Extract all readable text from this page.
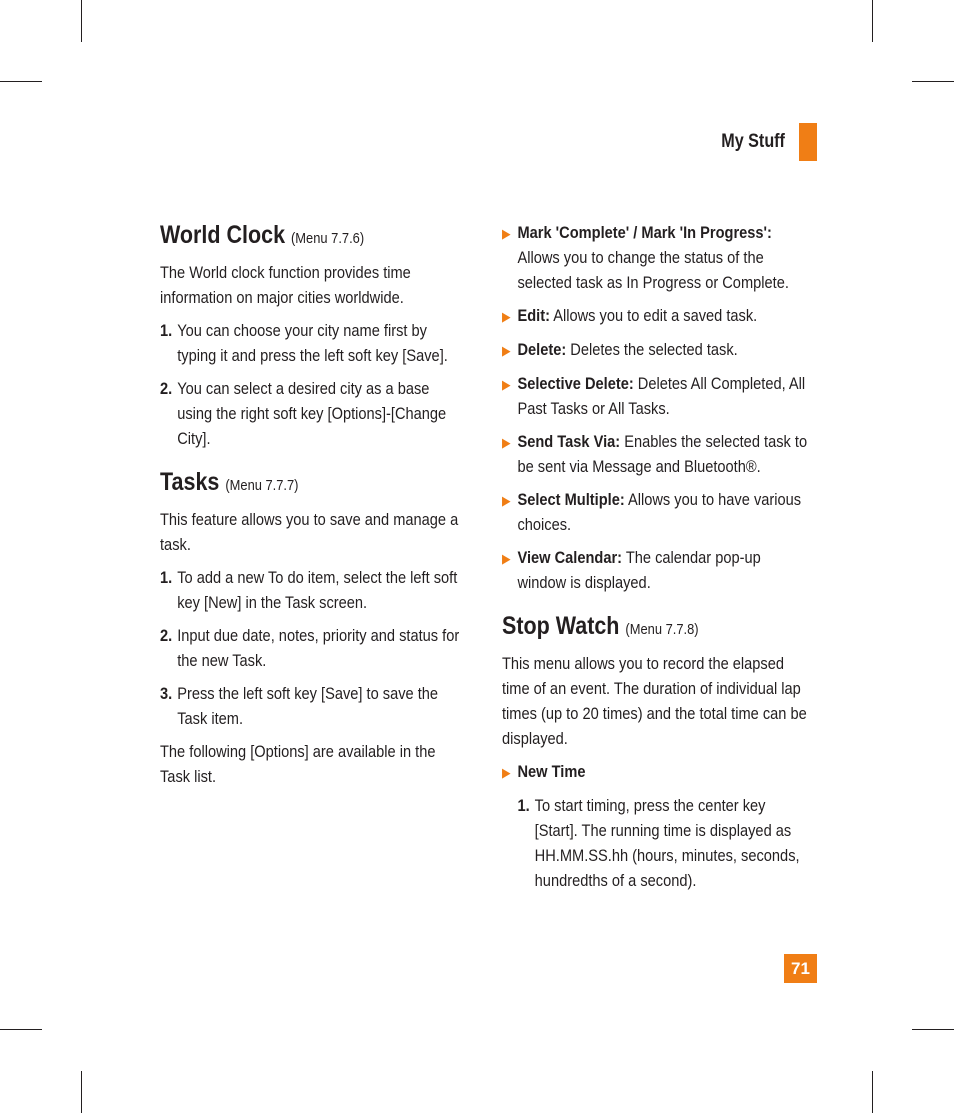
My Stuff
World Clock (Menu 7.7.6)

The World clock function provides time information on major cities worldwide.

1. You can choose your city name first by typing it and press the left soft key [Save].
2. You can select a desired city as a base using the right soft key [Options]-[Change City].
Tasks (Menu 7.7.7)

This feature allows you to save and manage a task.

1. To add a new To do item, select the left soft key [New] in the Task screen.
2. Input due date, notes, priority and status for the new Task.
3. Press the left soft key [Save] to save the Task item.

The following [Options] are available in the Task list.

▶ Mark 'Complete' / Mark 'In Progress': Allows you to change the status of the selected task as In Progress or Complete.
▶ Edit: Allows you to edit a saved task.
▶ Delete: Deletes the selected task.
▶ Selective Delete: Deletes All Completed, All Past Tasks or All Tasks.
▶ Send Task Via: Enables the selected task to be sent via Message and Bluetooth®.
▶ Select Multiple: Allows you to have various choices.
▶ View Calendar: The calendar pop-up window is displayed.
Stop Watch (Menu 7.7.8)

This menu allows you to record the elapsed time of an event. The duration of individual lap times (up to 20 times) and the total time can be displayed.

▶ New Time
1. To start timing, press the center key [Start]. The running time is displayed as HH.MM.SS.hh (hours, minutes, seconds, hundredths of a second).
71
